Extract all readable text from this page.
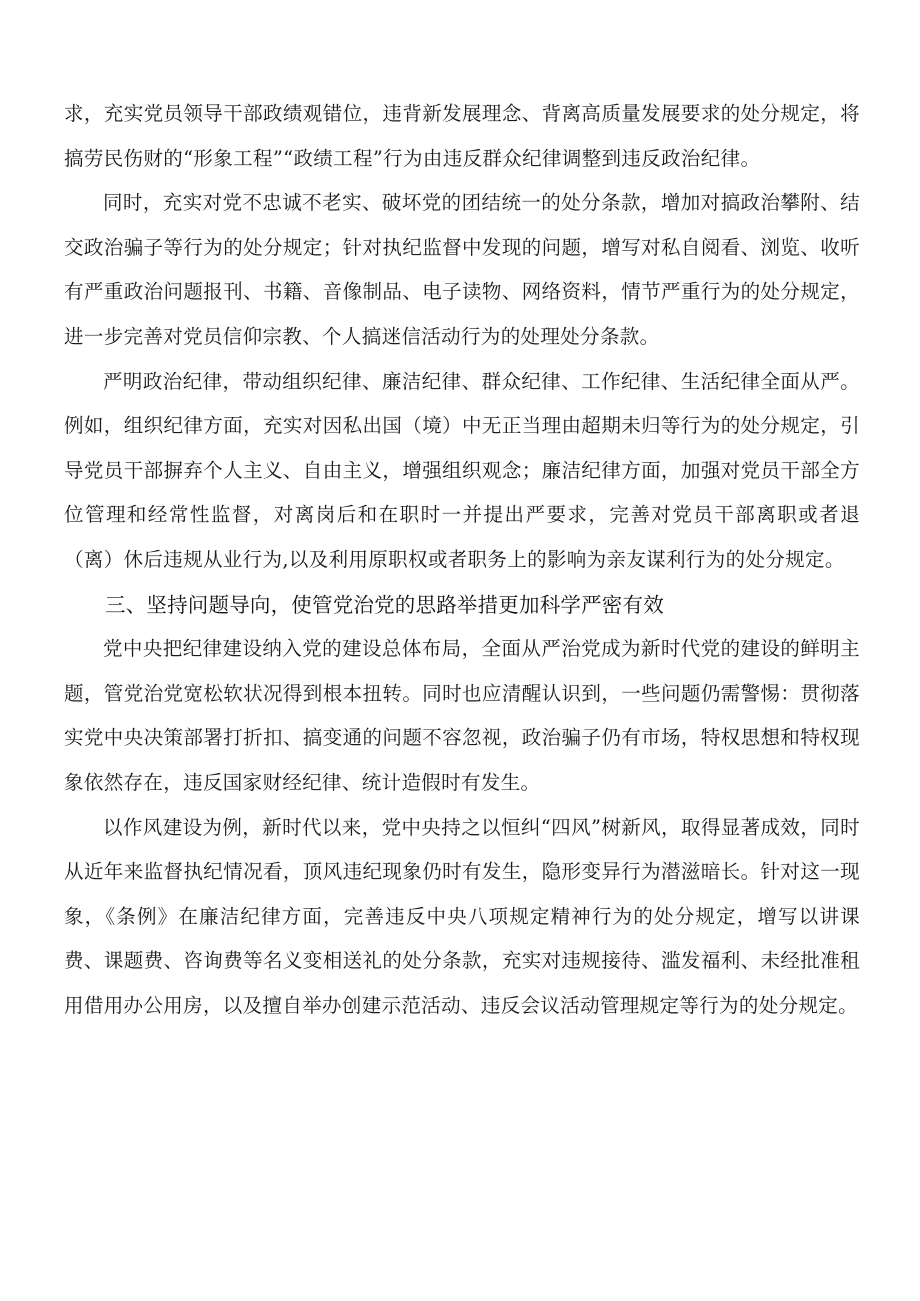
求，充实党员领导干部政绩观错位，违背新发展理念、背离高质量发展要求的处分规定，将搞劳民伤财的“形象工程”“政绩工程”行为由违反群众纪律调整到违反政治纪律。

同时，充实对党不忠诚不老实、破坏党的团结统一的处分条款，增加对搞政治攀附、结交政治骗子等行为的处分规定；针对执纪监督中发现的问题，增写对私自阅看、浏览、收听有严重政治问题报刊、书籍、音像制品、电子读物、网络资料，情节严重行为的处分规定，进一步完善对党员信仰宗教、个人搞迷信活动行为的处理处分条款。

严明政治纪律，带动组织纪律、廉洁纪律、群众纪律、工作纪律、生活纪律全面从严。例如，组织纪律方面，充实对因私出国（境）中无正当理由超期未归等行为的处分规定，引导党员干部摒弃个人主义、自由主义，增强组织观念；廉洁纪律方面，加强对党员干部全方位管理和经常性监督，对离岗后和在职时一并提出严要求，完善对党员干部离职或者退（离）休后违规从业行为,以及利用原职权或者职务上的影响为亲友谋利行为的处分规定。

三、坚持问题导向，使管党治党的思路举措更加科学严密有效

党中央把纪律建设纳入党的建设总体布局，全面从严治党成为新时代党的建设的鲜明主题，管党治党宽松软状况得到根本扭转。同时也应清醒认识到，一些问题仍需警惕：贯彻落实党中央决策部署打折扣、搞变通的问题不容忽视，政治骗子仍有市场，特权思想和特权现象依然存在，违反国家财经纪律、统计造假时有发生。

以作风建设为例，新时代以来，党中央持之以恒纠“四风”树新风，取得显著成效，同时从近年来监督执纪情况看，顶风违纪现象仍时有发生，隐形变异行为潜滋暗长。针对这一现象，《条例》在廉洁纪律方面，完善违反中央八项规定精神行为的处分规定，增写以讲课费、课题费、咨询费等名义变相送礼的处分条款，充实对违规接待、滥发福利、未经批准租用借用办公用房，以及擅自举办创建示范活动、违反会议活动管理规定等行为的处分规定。
